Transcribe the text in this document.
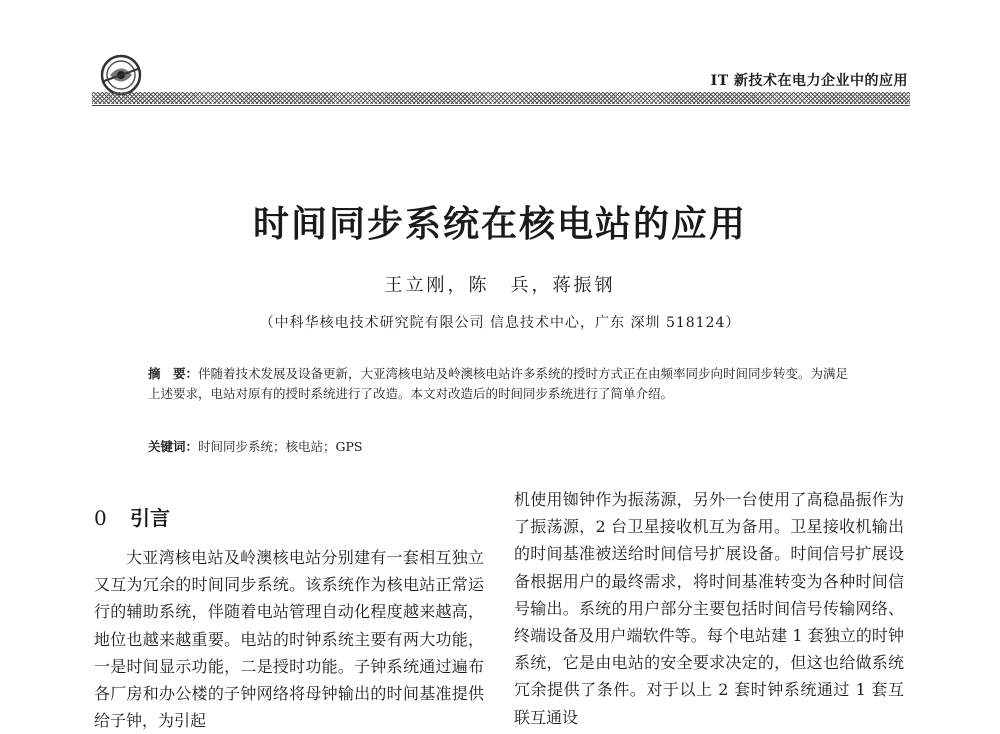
IT 新技术在电力企业中的应用
时间同步系统在核电站的应用
王立刚，陈　兵，蒋振钢
（中科华核电技术研究院有限公司 信息技术中心，广东 深圳 518124）
摘　要：伴随着技术发展及设备更新，大亚湾核电站及岭澳核电站许多系统的授时方式正在由频率同步向时间同步转变。为满足上述要求，电站对原有的授时系统进行了改造。本文对改造后的时间同步系统进行了简单介绍。
关键词：时间同步系统；核电站；GPS
0 引言
大亚湾核电站及岭澳核电站分别建有一套相互独立又互为冗余的时间同步系统。该系统作为核电站正常运行的辅助系统，伴随着电站管理自动化程度越来越高，地位也越来越重要。电站的时钟系统主要有两大功能，一是时间显示功能，二是授时功能。子钟系统通过遍布各厂房和办公楼的子钟网络将母钟输出的时间基准提供给子钟，为引起
机使用铷钟作为振荡源，另外一台使用了高稳晶振作为了振荡源，2 台卫星接收机互为备用。卫星接收机输出的时间基准被送给时间信号扩展设备。时间信号扩展设备根据用户的最终需求，将时间基准转变为各种时间信号输出。系统的用户部分主要包括时间信号传输网络、终端设备及用户端软件等。每个电站建 1 套独立的时钟系统，它是由电站的安全要求决定的，但这也给做系统冗余提供了条件。对于以上 2 套时钟系统通过 1 套互联互通设
